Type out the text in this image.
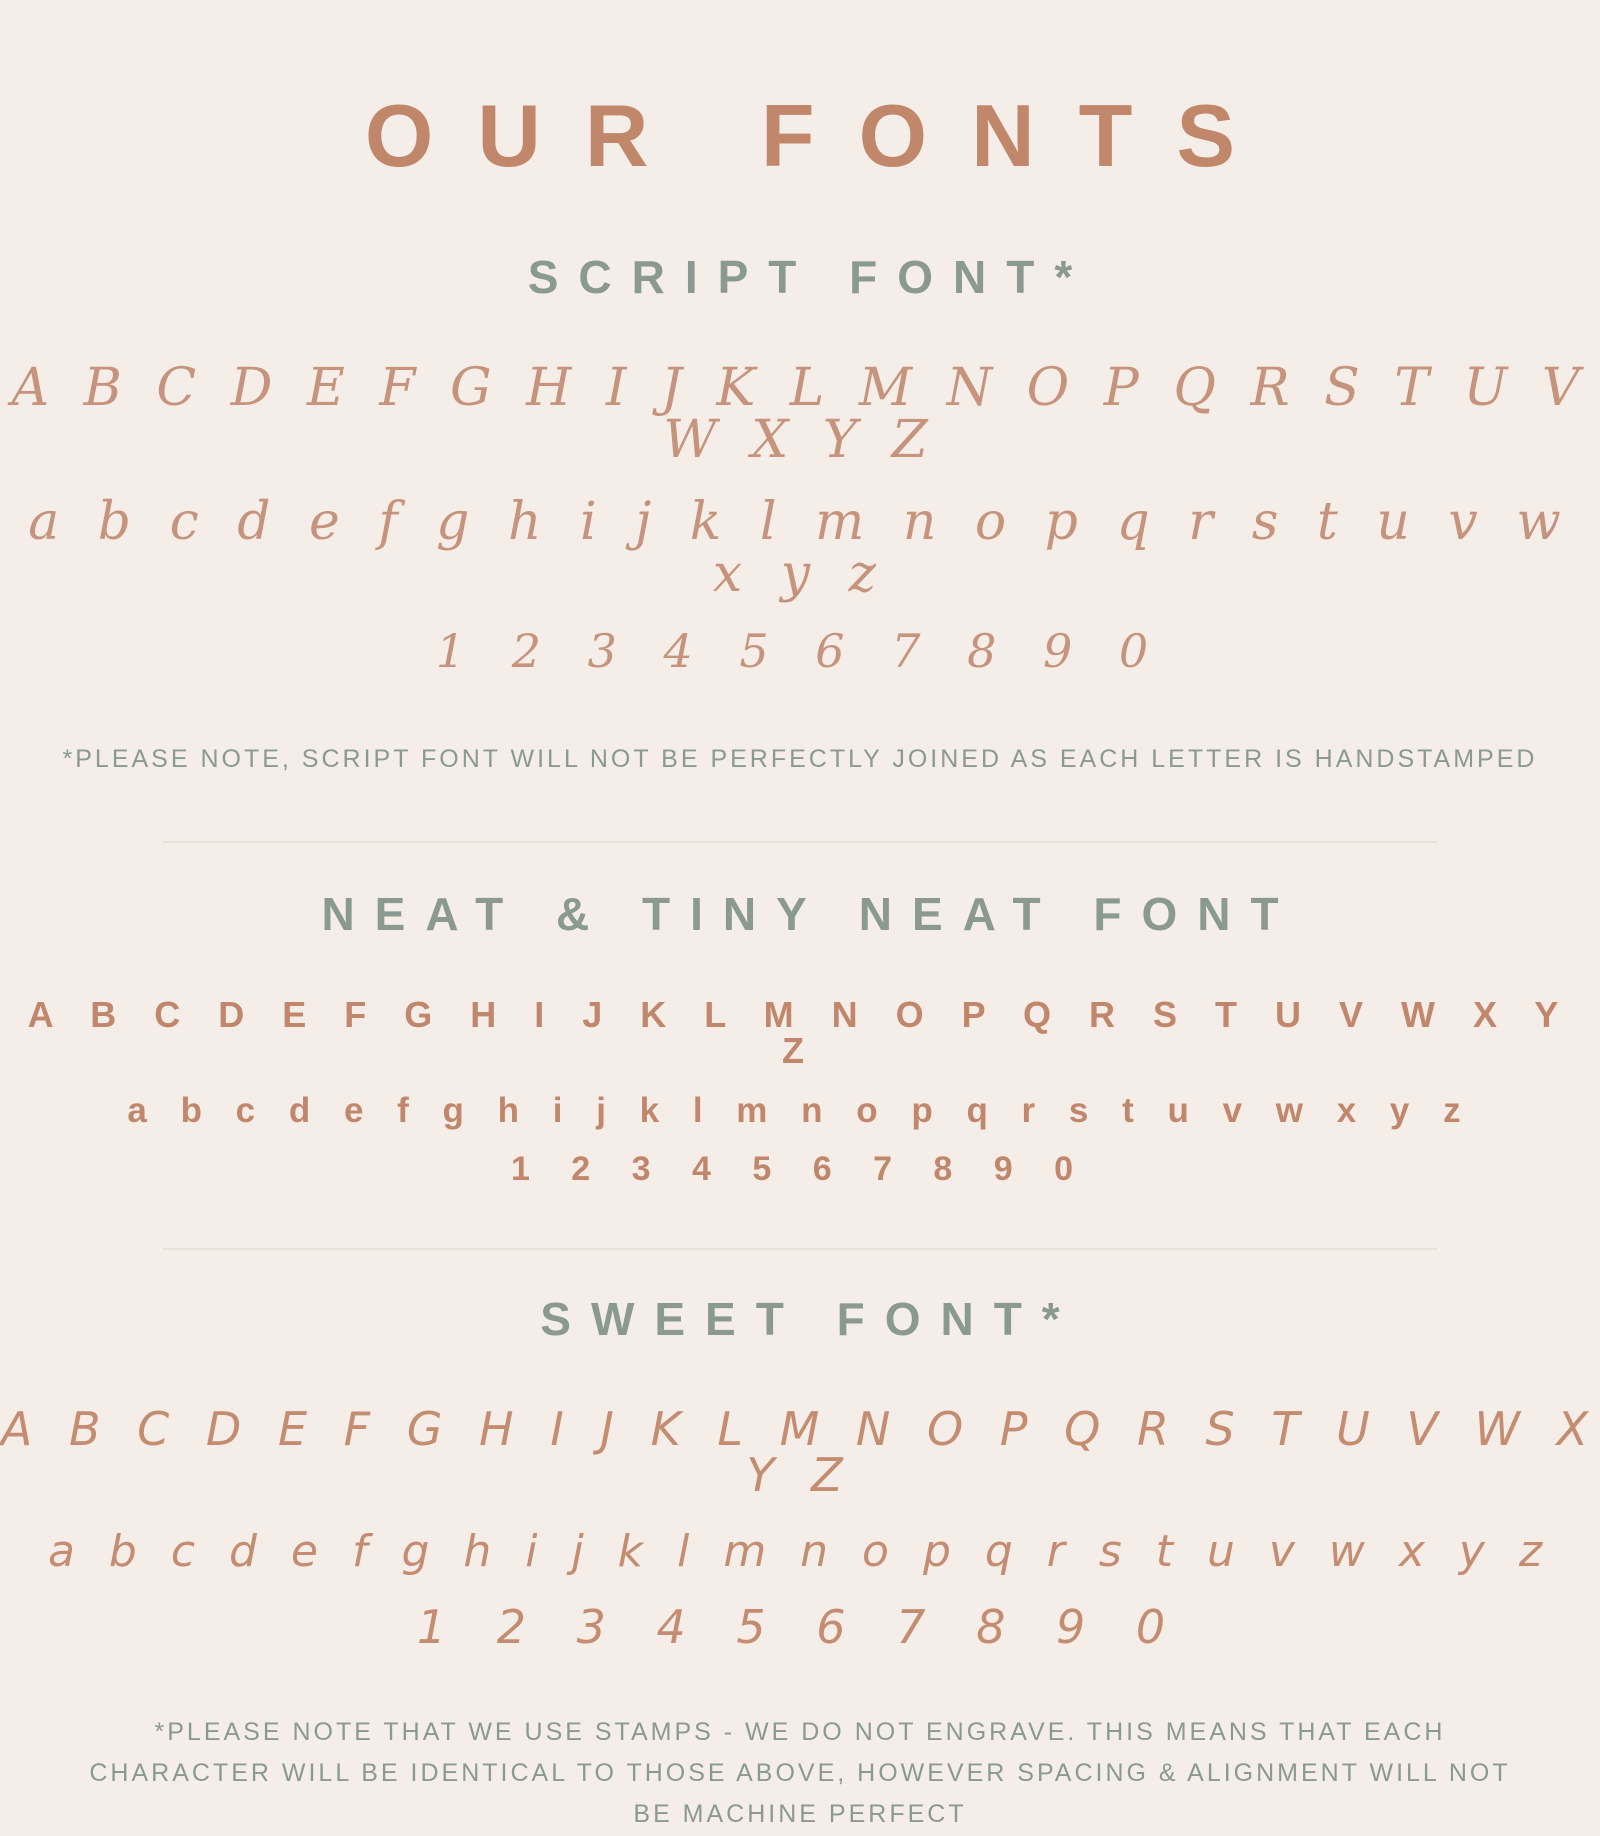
OUR FONTS
SCRIPT FONT*
A B C D E F G H I J K L M N O P Q R S T U V W X Y Z
a b c d e f g h i j k l m n o p q r s t u v w x y z
1 2 3 4 5 6 7 8 9 0
*PLEASE NOTE, SCRIPT FONT WILL NOT BE PERFECTLY JOINED AS EACH LETTER IS HANDSTAMPED
NEAT & TINY NEAT FONT
A B C D E F G H I J K L M N O P Q R S T U V W X Y Z
a b c d e f g h i j k l m n o p q r s t u v w x y z
1 2 3 4 5 6 7 8 9 0
SWEET FONT*
A B C D E F G H I J K L M N O P Q R S T U V W X Y Z
a b c d e f g h i j k l m n o p q r s t u v w x y z
1 2 3 4 5 6 7 8 9 0
*PLEASE NOTE THAT WE USE STAMPS - WE DO NOT ENGRAVE. THIS MEANS THAT EACH CHARACTER WILL BE IDENTICAL TO THOSE ABOVE, HOWEVER SPACING & ALIGNMENT WILL NOT BE MACHINE PERFECT
